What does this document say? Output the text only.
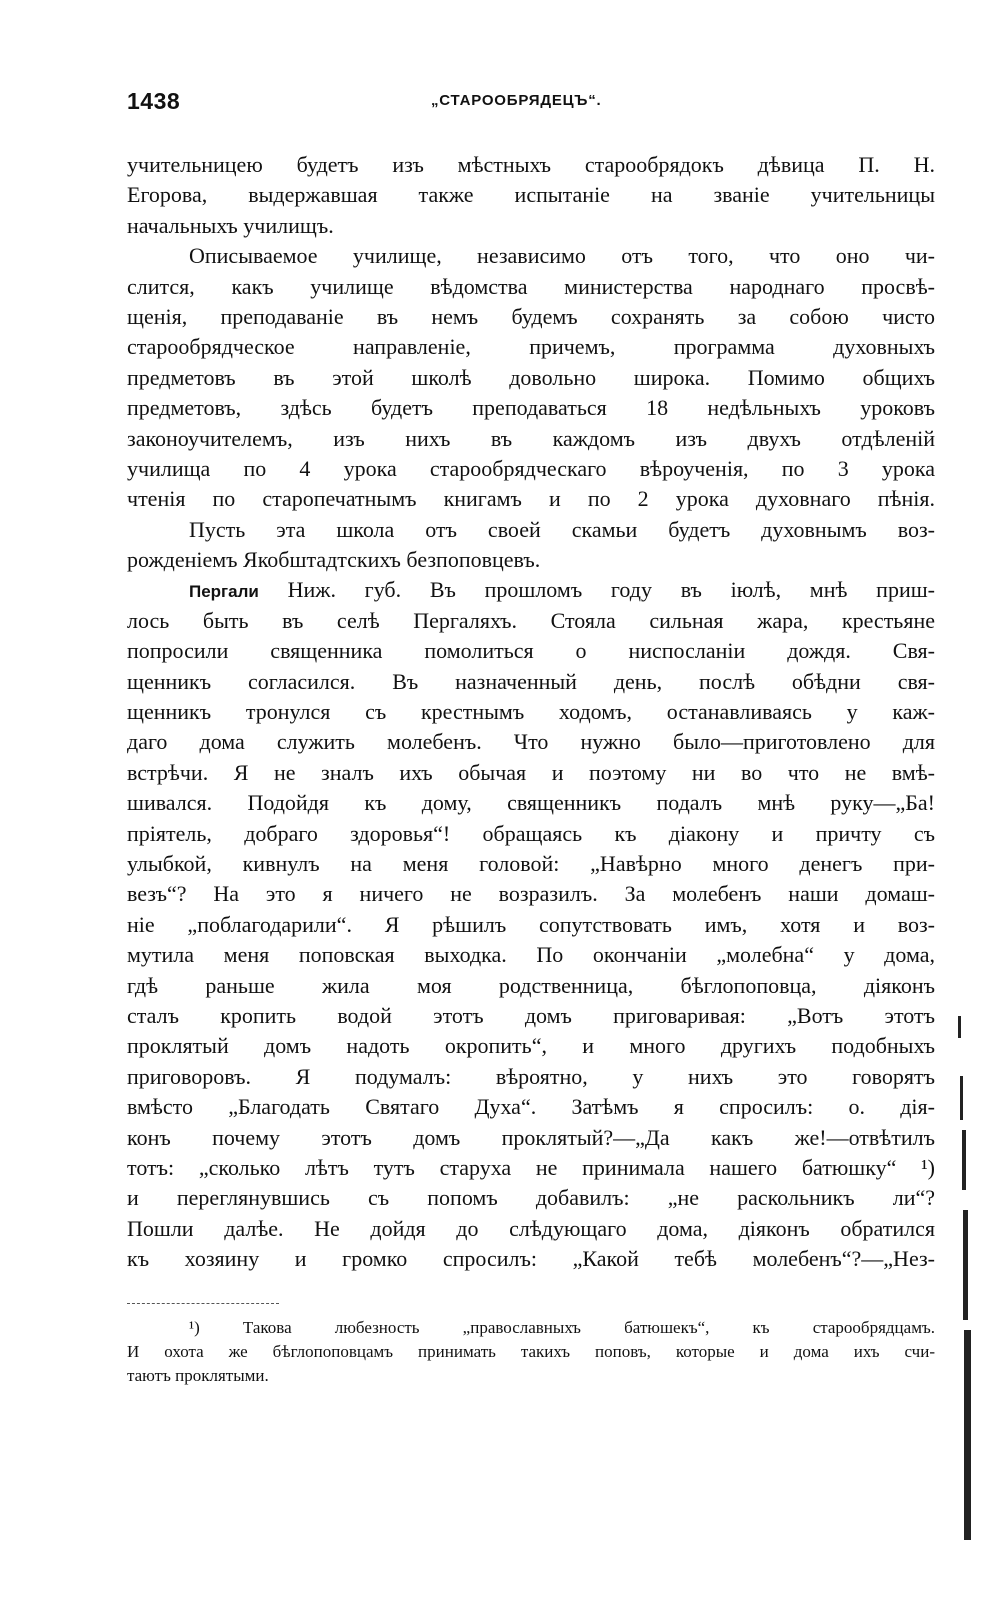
1438	„СТАРООБРЯДЕЦЪ“.
учительницею будетъ изъ мѣстныхъ старообрядокъ дѣвица П. Н.
Егорова, выдержавшая также испытаніе на званіе учительницы
начальныхъ училищъ.
Описываемое училище, независимо отъ того, что оно чи-
слится, какъ училище вѣдомства министерства народнаго просвѣ-
щенія, преподаваніе въ немъ будемъ сохранять за собою чисто
старообрядческое направленіе, причемъ, программа духовныхъ
предметовъ въ этой школѣ довольно широка. Помимо общихъ
предметовъ, здѣсь будетъ преподаваться 18 недѣльныхъ уроковъ
законоучителемъ, изъ нихъ въ каждомъ изъ двухъ отдѣленій
училища по 4 урока старообрядческаго вѣроученія, по 3 урока
чтенія по старопечатнымъ книгамъ и по 2 урока духовнаго пѣнія.
Пусть эта школа отъ своей скамьи будетъ духовнымъ воз-
рожденіемъ Якобштадтскихъ безпоповцевъ.
Пергали Ниж. губ. Въ прошломъ году въ іюлѣ, мнѣ приш-
лось быть въ селѣ Пергаляхъ. Стояла сильная жара, крестьяне
попросили священника помолиться о ниспосланіи дождя. Свя-
щенникъ согласился. Въ назначенный день, послѣ обѣдни свя-
щенникъ тронулся съ крестнымъ ходомъ, останавливаясь у каж-
даго дома служить молебенъ. Что нужно было—приготовлено для
встрѣчи. Я не зналъ ихъ обычая и поэтому ни во что не вмѣ-
шивался. Подойдя къ дому, священникъ подалъ мнѣ руку—„Ба!
пріятель, добраго здоровья“! обращаясь къ діакону и причту съ
улыбкой, кивнулъ на меня головой: „Навѣрно много денегъ при-
везъ“? На это я ничего не возразилъ. За молебенъ наши домаш-
ніе „поблагодарили“. Я рѣшилъ сопутствовать имъ, хотя и воз-
мутила меня поповская выходка. По окончаніи „молебна“ у дома,
гдѣ раньше жила моя родственница, бѣглопоповца, діяконъ
сталъ кропить водой этотъ домъ приговаривая: „Вотъ этотъ
проклятый домъ надоть окропить“, и много другихъ подобныхъ
приговоровъ. Я подумалъ: вѣроятно, у нихъ это говорятъ
вмѣсто „Благодать Святаго Духа“. Затѣмъ я спросилъ: о. дія-
конъ почему этотъ домъ проклятый?—„Да какъ же!—отвѣтилъ
тотъ: „сколько лѣтъ тутъ старуха не принимала нашего батюшку“ ¹)
и переглянувшись съ попомъ добавилъ: „не раскольникъ ли“?
Пошли далѣе. Не дойдя до слѣдующаго дома, діяконъ обратился
къ хозяину и громко спросилъ: „Какой тебѣ молебенъ“?—„Нез-
¹) Такова любезность „православныхъ батюшекъ“, къ старообрядцамъ.
И охота же бѣглопоповцамъ принимать такихъ поповъ, которые и дома ихъ счи-
таютъ проклятыми.
